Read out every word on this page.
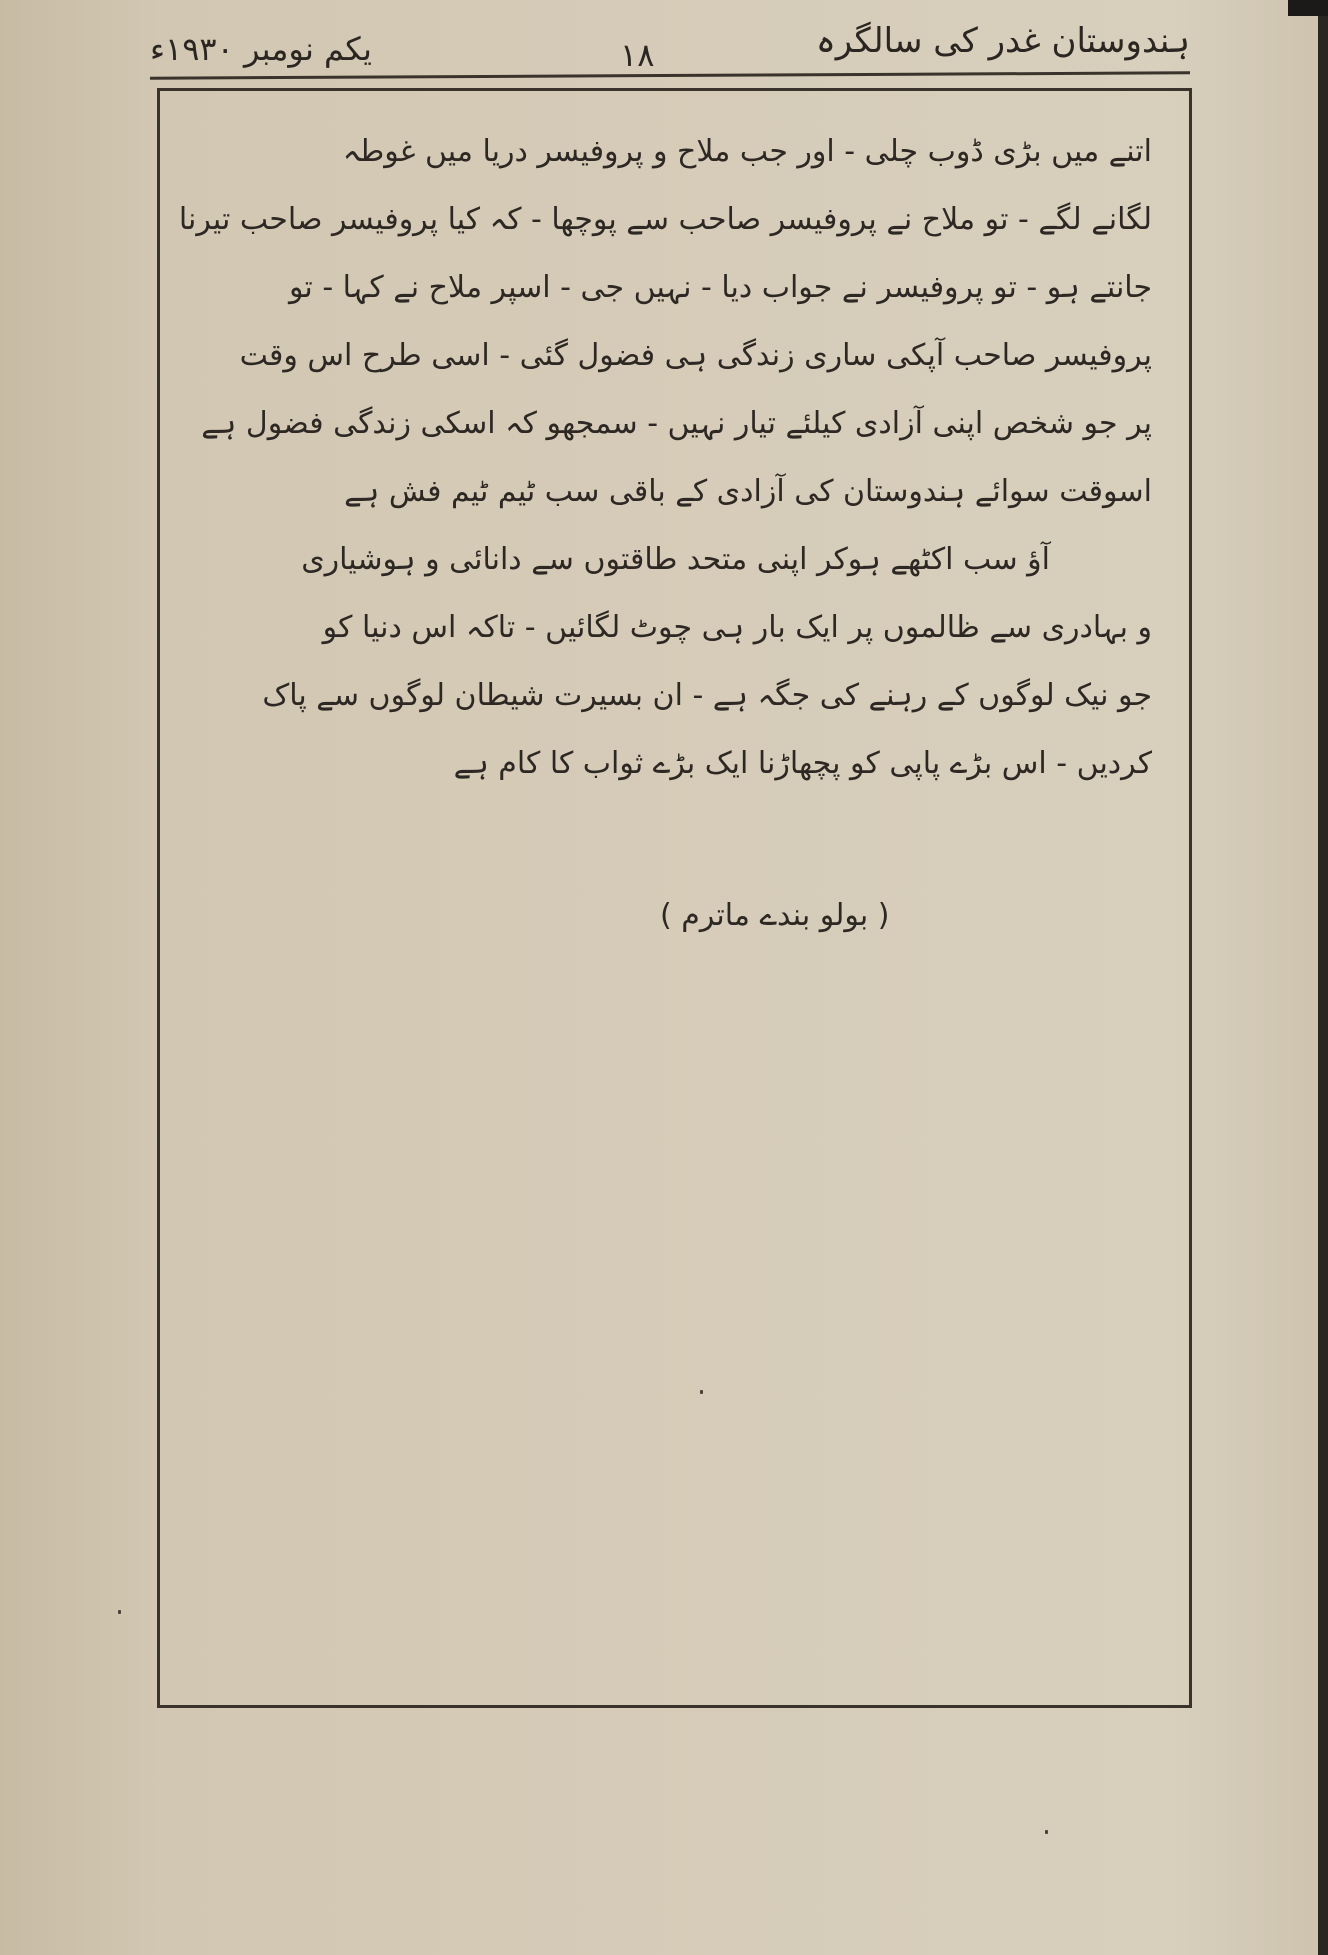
ہندوستان غدر کی سالگرہ
۱۸
یکم نومبر ۱۹۳۰ء
اتنے میں بڑی ڈوب چلی - اور جب ملاح و پروفیسر دریا میں غوطہ
لگانے لگے - تو ملاح نے پروفیسر صاحب سے پوچھا - کہ کیا پروفیسر صاحب تیرنا
جانتے ہو - تو پروفیسر نے جواب دیا - نہیں جی - اسپر ملاح نے کہا - تو
پروفیسر صاحب آپکی ساری زندگی ہی فضول گئی - اسی طرح اس وقت
پر جو شخص اپنی آزادی کیلئے تیار نہیں - سمجھو کہ اسکی زندگی فضول ہے
اسوقت سوائے ہندوستان کی آزادی کے باقی سب ٹیم ٹیم فش ہے
آؤ سب اکٹھے ہوکر اپنی متحد طاقتوں سے دانائی و ہوشیاری
و بہادری سے ظالموں پر ایک بار ہی چوٹ لگائیں - تاکہ اس دنیا کو
جو نیک لوگوں کے رہنے کی جگہ ہے - ان بسیرت شیطان لوگوں سے پاک
کردیں - اس بڑے پاپی کو پچھاڑنا ایک بڑے ثواب کا کام ہے
( بولو بندے ماترم )
